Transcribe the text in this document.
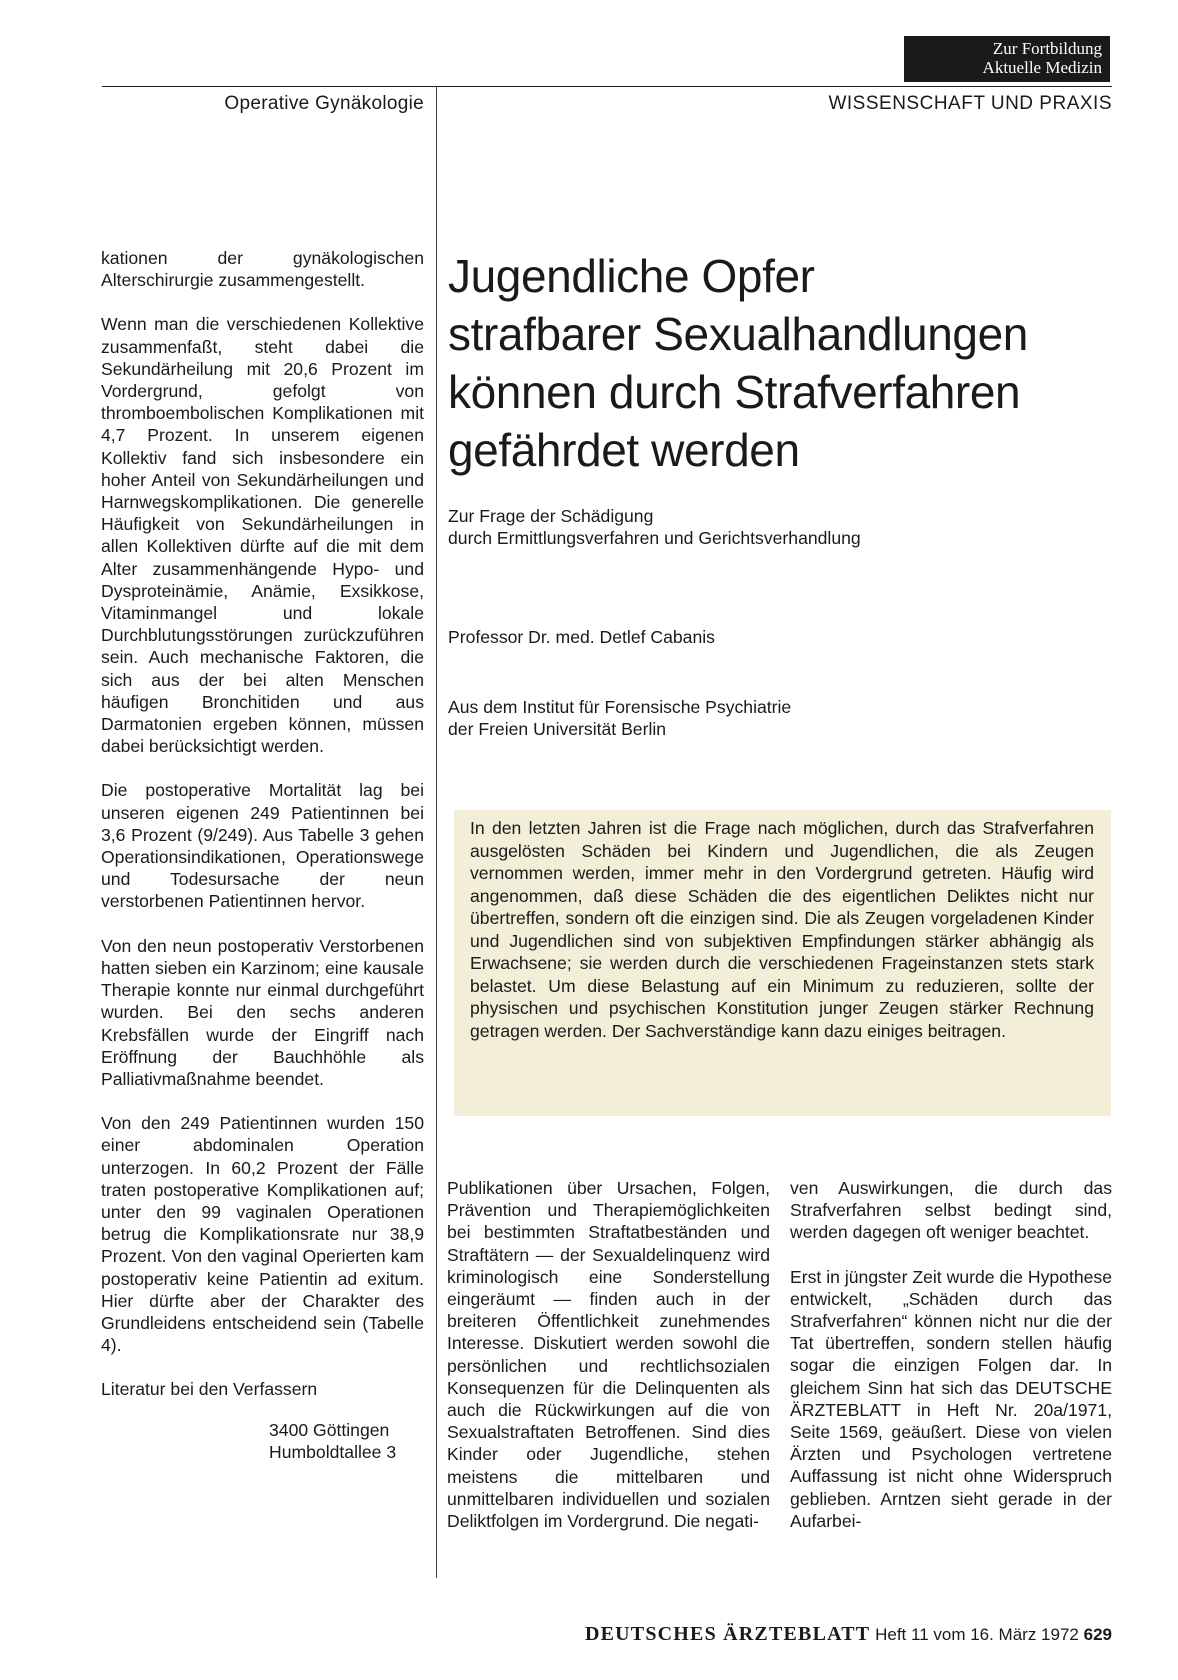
Zur Fortbildung
Aktuelle Medizin
Operative Gynäkologie	WISSENSCHAFT UND PRAXIS

kationen der gynäkologischen Alterschirurgie zusammengestellt.

Wenn man die verschiedenen Kollektive zusammenfaßt, steht dabei die Sekundärheilung mit 20,6 Prozent im Vordergrund, gefolgt von thromboembolischen Komplikationen mit 4,7 Prozent. In unserem eigenen Kollektiv fand sich insbesondere ein hoher Anteil von Sekundärheilungen und Harnwegskomplikationen. Die generelle Häufigkeit von Sekundärheilungen in allen Kollektiven dürfte auf die mit dem Alter zusammenhängende Hypo- und Dysproteinämie, Anämie, Exsikkose, Vitaminmangel und lokale Durchblutungsstörungen zurückzuführen sein. Auch mechanische Faktoren, die sich aus der bei alten Menschen häufigen Bronchitiden und aus Darmatonien ergeben können, müssen dabei berücksichtigt werden.

Die postoperative Mortalität lag bei unseren eigenen 249 Patientinnen bei 3,6 Prozent (9/249). Aus Tabelle 3 gehen Operationsindikationen, Operationswege und Todesursache der neun verstorbenen Patientinnen hervor.

Von den neun postoperativ Verstorbenen hatten sieben ein Karzinom; eine kausale Therapie konnte nur einmal durchgeführt wurden. Bei den sechs anderen Krebsfällen wurde der Eingriff nach Eröffnung der Bauchhöhle als Palliativmaßnahme beendet.

Von den 249 Patientinnen wurden 150 einer abdominalen Operation unterzogen. In 60,2 Prozent der Fälle traten postoperative Komplikationen auf; unter den 99 vaginalen Operationen betrug die Komplikationsrate nur 38,9 Prozent. Von den vaginal Operierten kam postoperativ keine Patientin ad exitum. Hier dürfte aber der Charakter des Grundleidens entscheidend sein (Tabelle 4).

Literatur bei den Verfassern

3400 Göttingen
Humboldtallee 3
Jugendliche Opfer
strafbarer Sexualhandlungen
können durch Strafverfahren
gefährdet werden
Zur Frage der Schädigung
durch Ermittlungsverfahren und Gerichtsverhandlung
Professor Dr. med. Detlef Cabanis
Aus dem Institut für Forensische Psychiatrie
der Freien Universität Berlin

In den letzten Jahren ist die Frage nach möglichen, durch das Strafverfahren ausgelösten Schäden bei Kindern und Jugendlichen, die als Zeugen vernommen werden, immer mehr in den Vordergrund getreten. Häufig wird angenommen, daß diese Schäden die des eigentlichen Deliktes nicht nur übertreffen, sondern oft die einzigen sind. Die als Zeugen vorgeladenen Kinder und Jugendlichen sind von subjektiven Empfindungen stärker abhängig als Erwachsene; sie werden durch die verschiedenen Frageinstanzen stets stark belastet. Um diese Belastung auf ein Minimum zu reduzieren, sollte der physischen und psychischen Konstitution junger Zeugen stärker Rechnung getragen werden. Der Sachverständige kann dazu einiges beitragen.

Publikationen über Ursachen, Folgen, Prävention und Therapiemöglichkeiten bei bestimmten Straftatbeständen und Straftätern — der Sexualdelinquenz wird kriminologisch eine Sonderstellung eingeräumt — finden auch in der breiteren Öffentlichkeit zunehmendes Interesse. Diskutiert werden sowohl die persönlichen und rechtlichsozialen Konsequenzen für die Delinquenten als auch die Rückwirkungen auf die von Sexualstraftaten Betroffenen. Sind dies Kinder oder Jugendliche, stehen meistens die mittelbaren und unmittelbaren individuellen und sozialen Deliktfolgen im Vordergrund. Die negati-

ven Auswirkungen, die durch das Strafverfahren selbst bedingt sind, werden dagegen oft weniger beachtet.

Erst in jüngster Zeit wurde die Hypothese entwickelt, „Schäden durch das Strafverfahren“ können nicht nur die der Tat übertreffen, sondern stellen häufig sogar die einzigen Folgen dar. In gleichem Sinn hat sich das DEUTSCHE ÄRZTEBLATT in Heft Nr. 20a/1971, Seite 1569, geäußert. Diese von vielen Ärzten und Psychologen vertretene Auffassung ist nicht ohne Widerspruch geblieben. Arntzen sieht gerade in der Aufarbei-

DEUTSCHES ÄRZTEBLATT Heft 11 vom 16. März 1972 629
